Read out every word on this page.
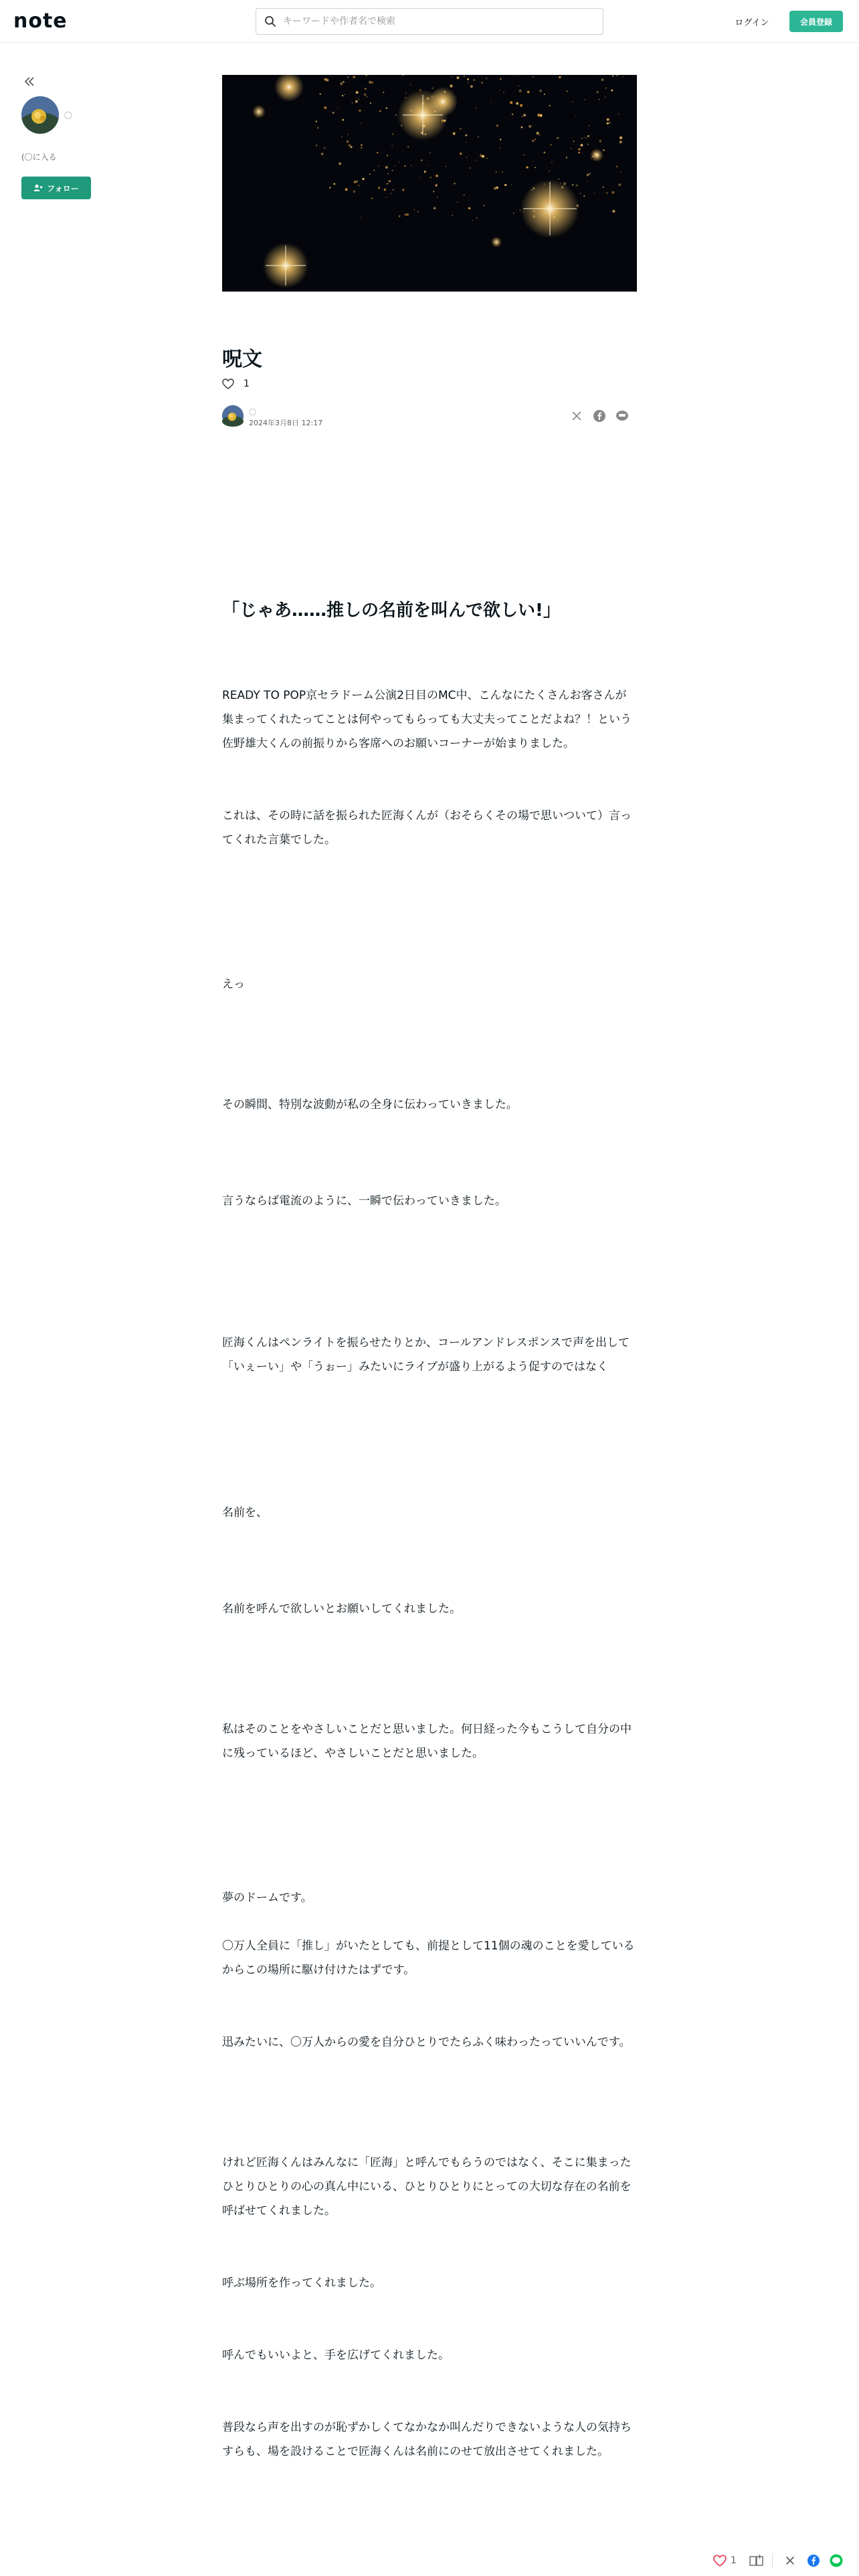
note
キーワードや作者名で検索	ログイン	会員登録
〇
(〇に入る
フォロー
呪文
1
〇
2024年3月8日 12:17
「じゃあ……推しの名前を叫んで欲しい!」
READY TO POP京セラドーム公演2日目のMC中、こんなにたくさんお客さんが集まってくれたってことは何やってもらっても大丈夫ってことだよね？！という佐野雄大くんの前振りから客席へのお願いコーナーが始まりました。
これは、その時に話を振られた匠海くんが（おそらくその場で思いついて）言ってくれた言葉でした。
えっ
その瞬間、特別な波動が私の全身に伝わっていきました。
言うならば電流のように、一瞬で伝わっていきました。
匠海くんはペンライトを振らせたりとか、コールアンドレスポンスで声を出して「いぇーい」や「うぉー」みたいにライブが盛り上がるよう促すのではなく
名前を、
名前を呼んで欲しいとお願いしてくれました。
私はそのことをやさしいことだと思いました。何日経った今もこうして自分の中に残っているほど、やさしいことだと思いました。
夢のドームです。
〇万人全員に「推し」がいたとしても、前提として11個の魂のことを愛しているからこの場所に駆け付けたはずです。
迅みたいに、〇万人からの愛を自分ひとりでたらふく味わったっていいんです。
けれど匠海くんはみんなに「匠海」と呼んでもらうのではなく、そこに集まったひとりひとりの心の真ん中にいる、ひとりひとりにとっての大切な存在の名前を呼ばせてくれました。
呼ぶ場所を作ってくれました。
呼んでもいいよと、手を広げてくれました。
普段なら声を出すのが恥ずかしくてなかなか叫んだりできないような人の気持ちすらも、場を設けることで匠海くんは名前にのせて放出させてくれました。
1
